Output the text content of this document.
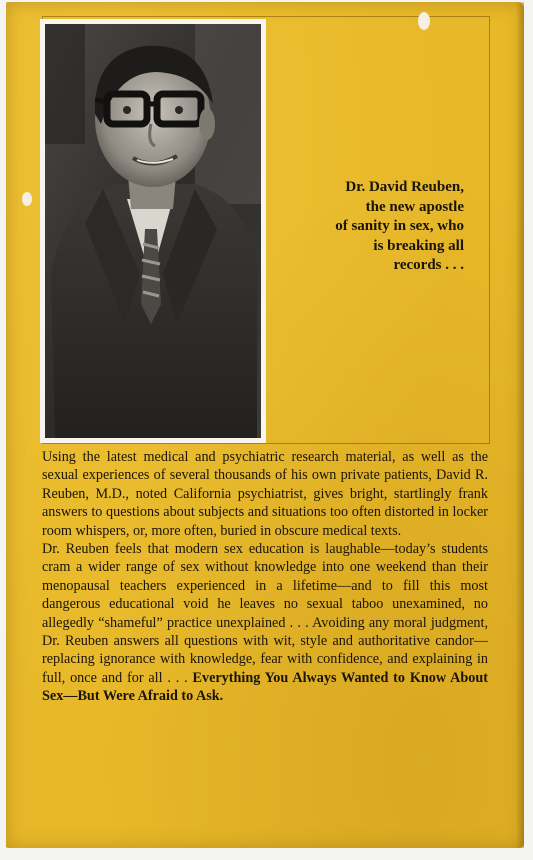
Dr. David Reuben,
the new apostle
of sanity in sex, who
is breaking all
records . . .

Using the latest medical and psychiatric research material, as well as the sexual experiences of several thousands of his own private patients, David R. Reuben, M.D., noted California psychiatrist, gives bright, startlingly frank answers to questions about subjects and situations too often distorted in locker room whispers, or, more often, buried in obscure medical texts.

Dr. Reuben feels that modern sex education is laughable—today’s students cram a wider range of sex without knowledge into one weekend than their menopausal teachers experienced in a lifetime—and to fill this most dangerous educational void he leaves no sexual taboo unexamined, no allegedly “shameful” practice unexplained . . . Avoiding any moral judgment, Dr. Reuben answers all questions with wit, style and authoritative candor—replacing ignorance with knowledge, fear with confidence, and explaining in full, once and for all . . . Everything You Always Wanted to Know About Sex—But Were Afraid to Ask.
